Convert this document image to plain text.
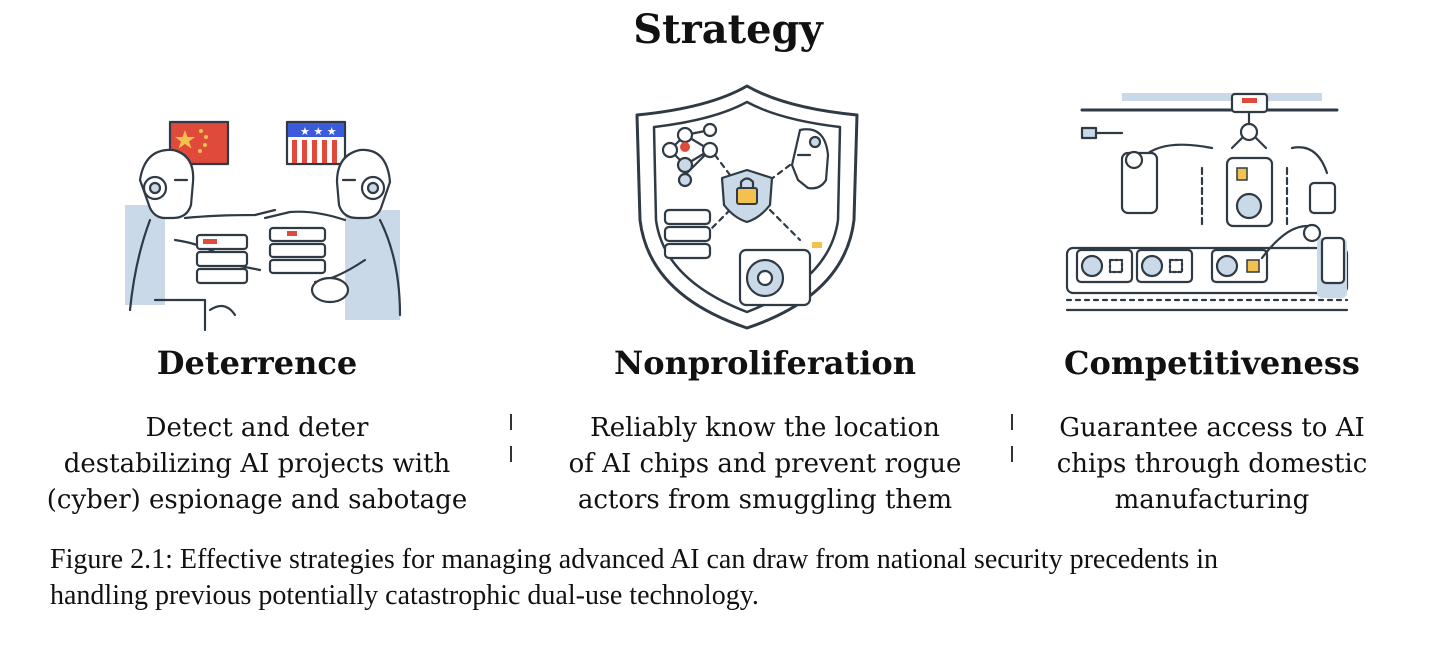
Strategy
★ ★ ★
Deterrence	Nonproliferation	Competitiveness
Detect and deter
destabilizing AI projects with
(cyber) espionage and sabotage
Reliably know the location
of AI chips and prevent rogue
actors from smuggling them
Guarantee access to AI
chips through domestic
manufacturing
Figure 2.1: Effective strategies for managing advanced AI can draw from national security precedents in
handling previous potentially catastrophic dual-use technology.
